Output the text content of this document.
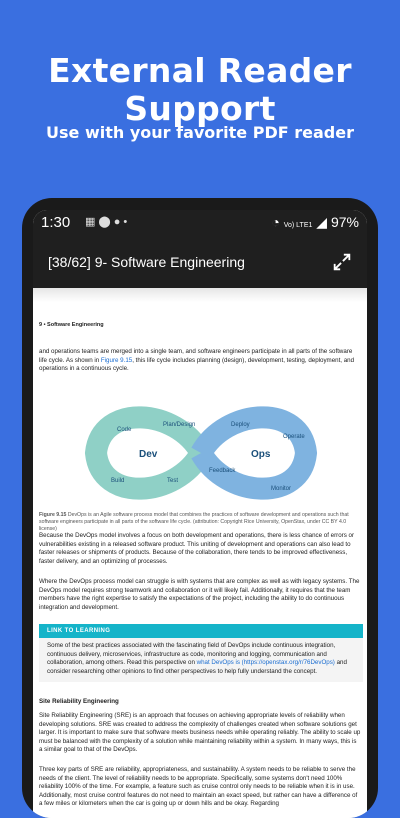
External Reader
Support
Use with your favorite PDF reader
1:30 ▦⬤●•	◔ Vo) LTE1 ◢ 97%
[38/62] 9- Software Engineering
9 • Software Engineering
and operations teams are merged into a single team, and software engineers participate in all parts of the software life cycle. As shown in Figure 9.15, this life cycle includes planning (design), development, testing, deployment, and operations in a continuous cycle.
Dev	Ops
Code
Plan/Design
Build	Test
Deploy
Operate
Feedback
Monitor
Figure 9.15 DevOps is an Agile software process model that combines the practices of software development and operations such that software engineers participate in all parts of the software life cycle. (attribution: Copyright Rice University, OpenStax, under CC BY 4.0 license)
Because the DevOps model involves a focus on both development and operations, there is less chance of errors or vulnerabilities existing in a released software product. This uniting of development and operations can also lead to faster releases or shipments of products. Because of the collaboration, there tends to be improved effectiveness, faster delivery, and an optimizing of processes.
Where the DevOps process model can struggle is with systems that are complex as well as with legacy systems. The DevOps model requires strong teamwork and collaboration or it will likely fail. Additionally, it requires that the team members have the right expertise to satisfy the expectations of the project, including the ability to do continuous integration and development.
LINK TO LEARNING
Some of the best practices associated with the fascinating field of DevOps include continuous integration, continuous delivery, microservices, infrastructure as code, monitoring and logging, communication and collaboration, among others. Read this perspective on what DevOps is (https://openstax.org/r/76DevOps) and consider researching other opinions to find other perspectives to help fully understand the concept.
Site Reliability Engineering
Site Reliability Engineering (SRE) is an approach that focuses on achieving appropriate levels of reliability when developing solutions. SRE was created to address the complexity of challenges created when software solutions get larger. It is important to make sure that software meets business needs while operating reliably. The ability to scale up must be balanced with the complexity of a solution while maintaining reliability within a system. In many ways, this is a similar goal to that of the DevOps.
Three key parts of SRE are reliability, appropriateness, and sustainability. A system needs to be reliable to serve the needs of the client. The level of reliability needs to be appropriate. Specifically, some systems don't need 100% reliability 100% of the time. For example, a feature such as cruise control only needs to be reliable when it is in use. Additionally, most cruise control features do not need to maintain an exact speed, but rather can have a difference of a few miles or kilometers when the car is going up or down hills and be okay. Regarding
